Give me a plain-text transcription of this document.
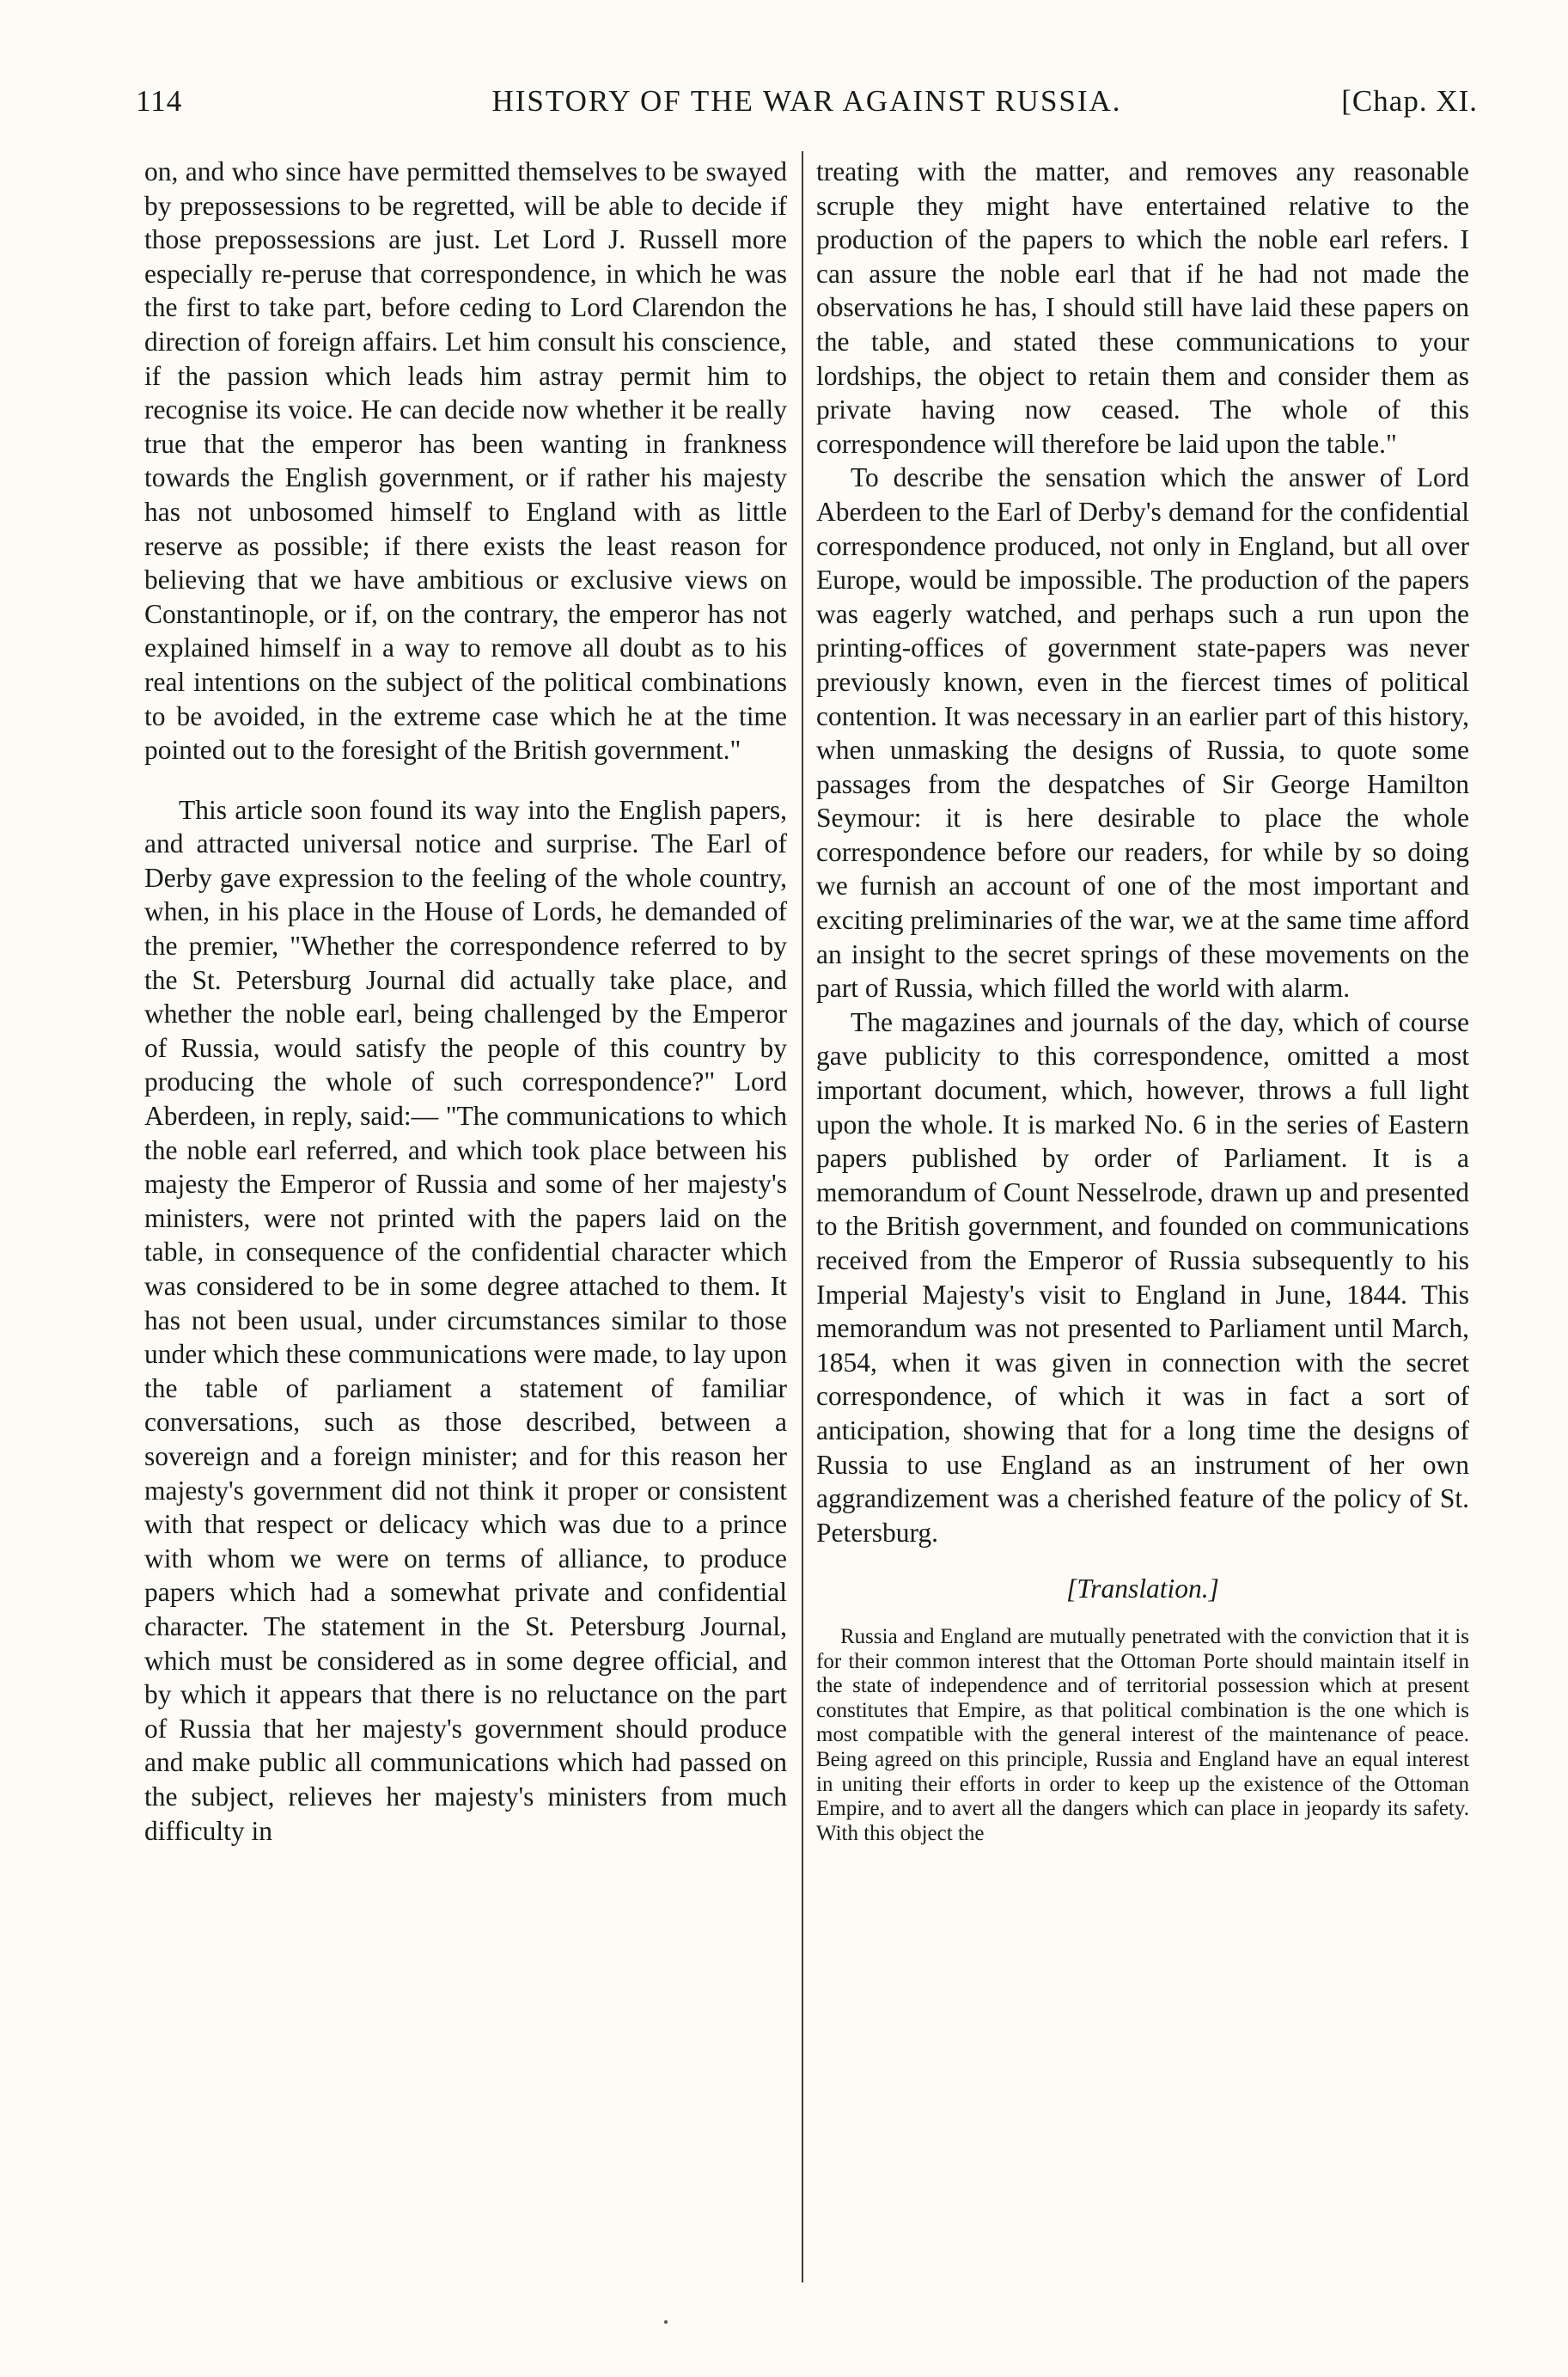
114	HISTORY OF THE WAR AGAINST RUSSIA.	[Chap. XI.

on, and who since have permitted themselves to be swayed by prepossessions to be regretted, will be able to decide if those prepossessions are just. Let Lord J. Russell more especially re-peruse that correspondence, in which he was the first to take part, before ceding to Lord Clarendon the direction of foreign affairs. Let him consult his conscience, if the passion which leads him astray permit him to recognise its voice. He can decide now whether it be really true that the emperor has been wanting in frankness towards the English government, or if rather his majesty has not unbosomed himself to England with as little reserve as possible; if there exists the least reason for believing that we have ambitious or exclusive views on Constantinople, or if, on the contrary, the emperor has not explained himself in a way to remove all doubt as to his real intentions on the subject of the political combinations to be avoided, in the extreme case which he at the time pointed out to the foresight of the British government."

This article soon found its way into the English papers, and attracted universal notice and surprise. The Earl of Derby gave expression to the feeling of the whole country, when, in his place in the House of Lords, he demanded of the premier, "Whether the correspondence referred to by the St. Petersburg Journal did actually take place, and whether the noble earl, being challenged by the Emperor of Russia, would satisfy the people of this country by producing the whole of such correspondence?" Lord Aberdeen, in reply, said:— "The communications to which the noble earl referred, and which took place between his majesty the Emperor of Russia and some of her majesty's ministers, were not printed with the papers laid on the table, in consequence of the confidential character which was considered to be in some degree attached to them. It has not been usual, under circumstances similar to those under which these communications were made, to lay upon the table of parliament a statement of familiar conversations, such as those described, between a sovereign and a foreign minister; and for this reason her majesty's government did not think it proper or consistent with that respect or delicacy which was due to a prince with whom we were on terms of alliance, to produce papers which had a somewhat private and confidential character. The statement in the St. Petersburg Journal, which must be considered as in some degree official, and by which it appears that there is no reluctance on the part of Russia that her majesty's government should produce and make public all communications which had passed on the subject, relieves her majesty's ministers from much difficulty in

treating with the matter, and removes any reasonable scruple they might have entertained relative to the production of the papers to which the noble earl refers. I can assure the noble earl that if he had not made the observations he has, I should still have laid these papers on the table, and stated these communications to your lordships, the object to retain them and consider them as private having now ceased. The whole of this correspondence will therefore be laid upon the table."

To describe the sensation which the answer of Lord Aberdeen to the Earl of Derby's demand for the confidential correspondence produced, not only in England, but all over Europe, would be impossible. The production of the papers was eagerly watched, and perhaps such a run upon the printing-offices of government state-papers was never previously known, even in the fiercest times of political contention. It was necessary in an earlier part of this history, when unmasking the designs of Russia, to quote some passages from the despatches of Sir George Hamilton Seymour: it is here desirable to place the whole correspondence before our readers, for while by so doing we furnish an account of one of the most important and exciting preliminaries of the war, we at the same time afford an insight to the secret springs of these movements on the part of Russia, which filled the world with alarm.

The magazines and journals of the day, which of course gave publicity to this correspondence, omitted a most important document, which, however, throws a full light upon the whole. It is marked No. 6 in the series of Eastern papers published by order of Parliament. It is a memorandum of Count Nesselrode, drawn up and presented to the British government, and founded on communications received from the Emperor of Russia subsequently to his Imperial Majesty's visit to England in June, 1844. This memorandum was not presented to Parliament until March, 1854, when it was given in connection with the secret correspondence, of which it was in fact a sort of anticipation, showing that for a long time the designs of Russia to use England as an instrument of her own aggrandizement was a cherished feature of the policy of St. Petersburg.

[Translation.]

Russia and England are mutually penetrated with the conviction that it is for their common interest that the Ottoman Porte should maintain itself in the state of independence and of territorial possession which at present constitutes that Empire, as that political combination is the one which is most compatible with the general interest of the maintenance of peace. Being agreed on this principle, Russia and England have an equal interest in uniting their efforts in order to keep up the existence of the Ottoman Empire, and to avert all the dangers which can place in jeopardy its safety. With this object the
